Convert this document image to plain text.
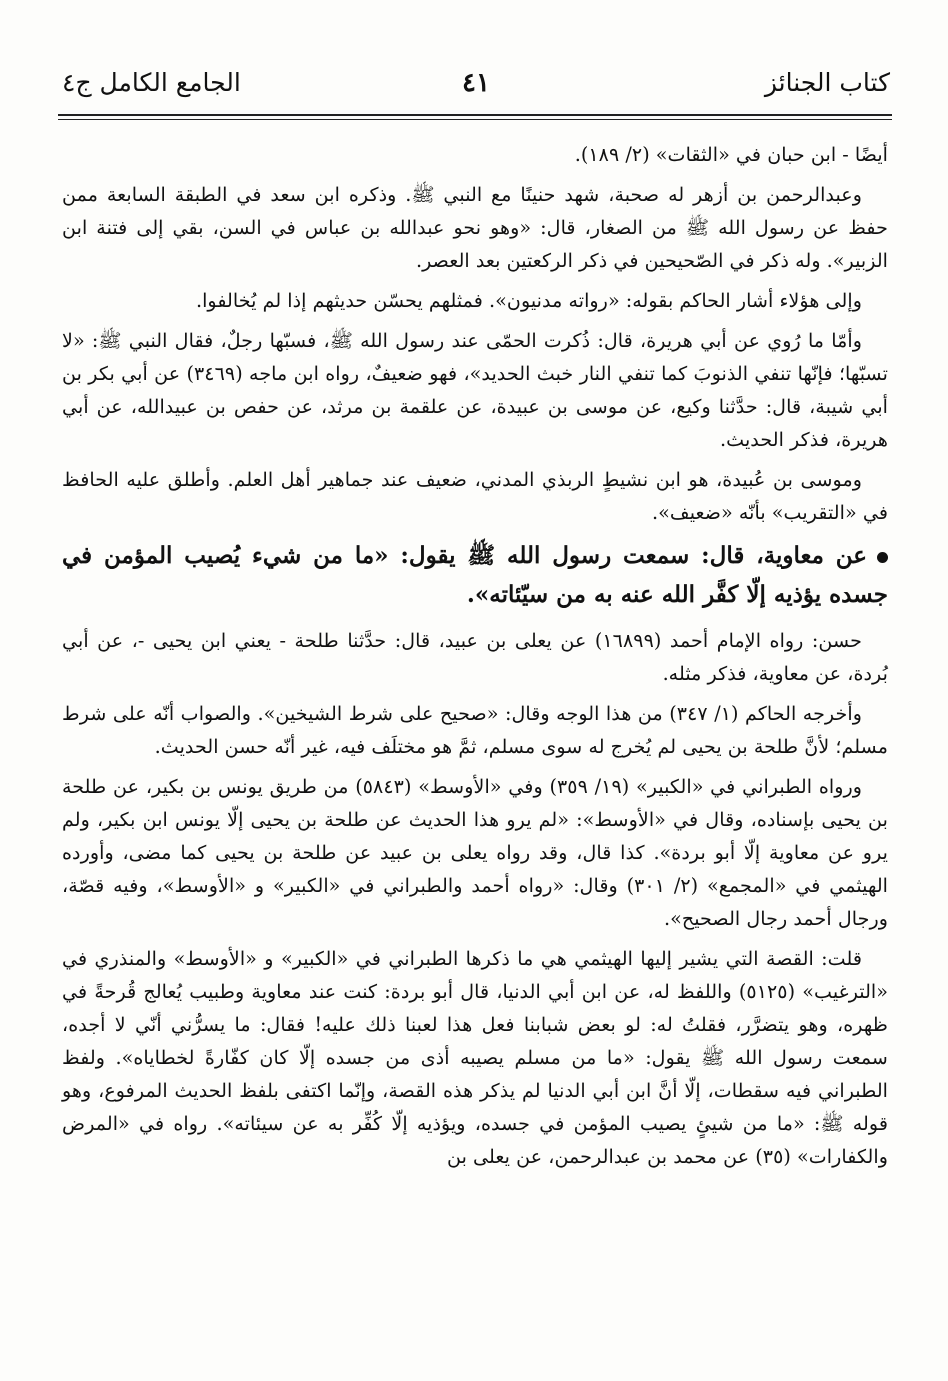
كتاب الجنائز
٤١
الجامع الكامل ج٤

أيضًا - ابن حبان في «الثقات» (٢/ ١٨٩).

وعبدالرحمن بن أزهر له صحبة، شهد حنينًا مع النبي ﷺ. وذكره ابن سعد في الطبقة السابعة ممن حفظ عن رسول الله ﷺ من الصغار، قال: «وهو نحو عبدالله بن عباس في السن، بقي إلى فتنة ابن الزبير». وله ذكر في الصّحيحين في ذكر الركعتين بعد العصر.

وإلى هؤلاء أشار الحاكم بقوله: «رواته مدنيون». فمثلهم يحسّن حديثهم إذا لم يُخالفوا.

وأمّا ما رُوي عن أبي هريرة، قال: ذُكرت الحمّى عند رسول الله ﷺ، فسبّها رجلٌ، فقال النبي ﷺ: «لا تسبّها؛ فإنّها تنفي الذنوبَ كما تنفي النار خبث الحديد»، فهو ضعيفٌ، رواه ابن ماجه (٣٤٦٩) عن أبي بكر بن أبي شيبة، قال: حدَّثنا وكيع، عن موسى بن عبيدة، عن علقمة بن مرثد، عن حفص بن عبيدالله، عن أبي هريرة، فذكر الحديث.

وموسى بن عُبيدة، هو ابن نشيطٍ الربذي المدني، ضعيف عند جماهير أهل العلم. وأطلق عليه الحافظ في «التقريب» بأنّه «ضعيف».

عن معاوية، قال: سمعت رسول الله ﷺ يقول: «ما من شيء يُصيب المؤمن في جسده يؤذيه إلّا كفَّر الله عنه به من سيّئاته».

حسن: رواه الإمام أحمد (١٦٨٩٩) عن يعلى بن عبيد، قال: حدَّثنا طلحة - يعني ابن يحيى -، عن أبي بُردة، عن معاوية، فذكر مثله.

وأخرجه الحاكم (١/ ٣٤٧) من هذا الوجه وقال: «صحيح على شرط الشيخين». والصواب أنّه على شرط مسلم؛ لأنَّ طلحة بن يحيى لم يُخرج له سوى مسلم، ثمَّ هو مختلَف فيه، غير أنّه حسن الحديث.

ورواه الطبراني في «الكبير» (١٩/ ٣٥٩) وفي «الأوسط» (٥٨٤٣) من طريق يونس بن بكير، عن طلحة بن يحيى بإسناده، وقال في «الأوسط»: «لم يرو هذا الحديث عن طلحة بن يحيى إلّا يونس ابن بكير، ولم يرو عن معاوية إلّا أبو بردة». كذا قال، وقد رواه يعلى بن عبيد عن طلحة بن يحيى كما مضى، وأورده الهيثمي في «المجمع» (٢/ ٣٠١) وقال: «رواه أحمد والطبراني في «الكبير» و «الأوسط»، وفيه قصّة، ورجال أحمد رجال الصحيح».

قلت: القصة التي يشير إليها الهيثمي هي ما ذكرها الطبراني في «الكبير» و «الأوسط» والمنذري في «الترغيب» (٥١٢٥) واللفظ له، عن ابن أبي الدنيا، قال أبو بردة: كنت عند معاوية وطبيب يُعالج قُرحةً في ظهره، وهو يتضرَّر، فقلتُ له: لو بعض شبابنا فعل هذا لعبنا ذلك عليه! فقال: ما يسرُّني أنّي لا أجده، سمعت رسول الله ﷺ يقول: «ما من مسلم يصيبه أذى من جسده إلّا كان كفّارةً لخطاياه». ولفظ الطبراني فيه سقطات، إلّا أنَّ ابن أبي الدنيا لم يذكر هذه القصة، وإنّما اكتفى بلفظ الحديث المرفوع، وهو قوله ﷺ: «ما من شيئٍ يصيب المؤمن في جسده، ويؤذيه إلّا كُفِّر به عن سيئاته». رواه في «المرض والكفارات» (٣٥) عن محمد بن عبدالرحمن، عن يعلى بن
